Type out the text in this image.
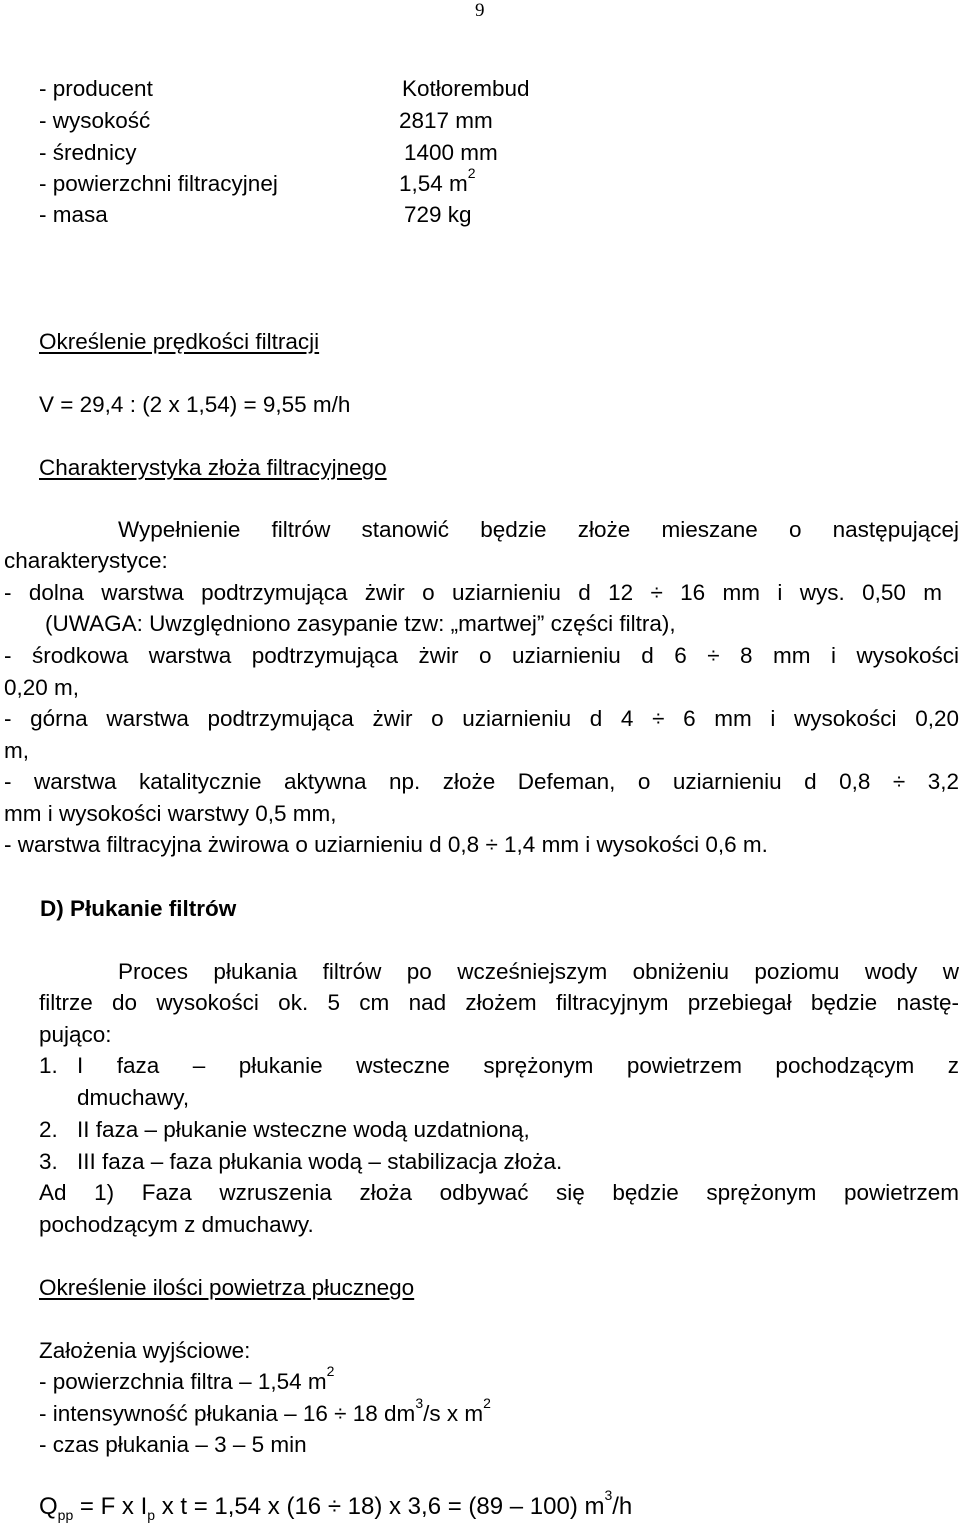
9
- producent	Kotłorembud
- wysokość	2817 mm
- średnicy	1400 mm
- powierzchni filtracyjnej	1,54 $m^2$
- masa	729 kg
Określenie prędkości filtracji
V = 29,4 : (2 x 1,54) = 9,55 m/h
Charakterystyka złoża filtracyjnego
Wypełnienie filtrów stanowić będzie złoże mieszane o następującej
charakterystyce:
- dolna warstwa podtrzymująca żwir o uziarnieniu d 12 ÷ 16 mm i wys. 0,50 m
(UWAGA: Uwzględniono zasypanie tzw: „martwej” części filtra),
- środkowa warstwa podtrzymująca żwir o uziarnieniu d 6 ÷ 8 mm i wysokości
0,20 m,
- górna warstwa podtrzymująca żwir o uziarnieniu d 4 ÷ 6 mm i wysokości 0,20
m,
- warstwa katalitycznie aktywna np. złoże Defeman, o uziarnieniu d 0,8 ÷ 3,2
mm i wysokości warstwy 0,5 mm,
- warstwa filtracyjna żwirowa o uziarnieniu d 0,8 ÷ 1,4 mm i wysokości 0,6 m.
D) Płukanie filtrów
Proces płukania filtrów po wcześniejszym obniżeniu poziomu wody w
filtrze do wysokości ok. 5 cm nad złożem filtracyjnym przebiegał będzie nastę-
pująco:
1. I faza – płukanie wsteczne sprężonym powietrzem pochodzącym z
dmuchawy,
2. II faza – płukanie wsteczne wodą uzdatnioną,
3. III faza – faza płukania wodą – stabilizacja złoża.
Ad 1) Faza wzruszenia złoża odbywać się będzie sprężonym powietrzem
pochodzącym z dmuchawy.
Określenie ilości powietrza płucznego
Założenia wyjściowe:
- powierzchnia filtra – 1,54 $m^2$
- intensywność płukania – 16 ÷ 18 $dm^3/s$ x $m^2$
- czas płukania – 3 – 5 min
$Q_{pp} = F$ x $I_p$ x t = 1,54 x (16 ÷ 18) x 3,6 = (89 – 100) $m^3/h$
